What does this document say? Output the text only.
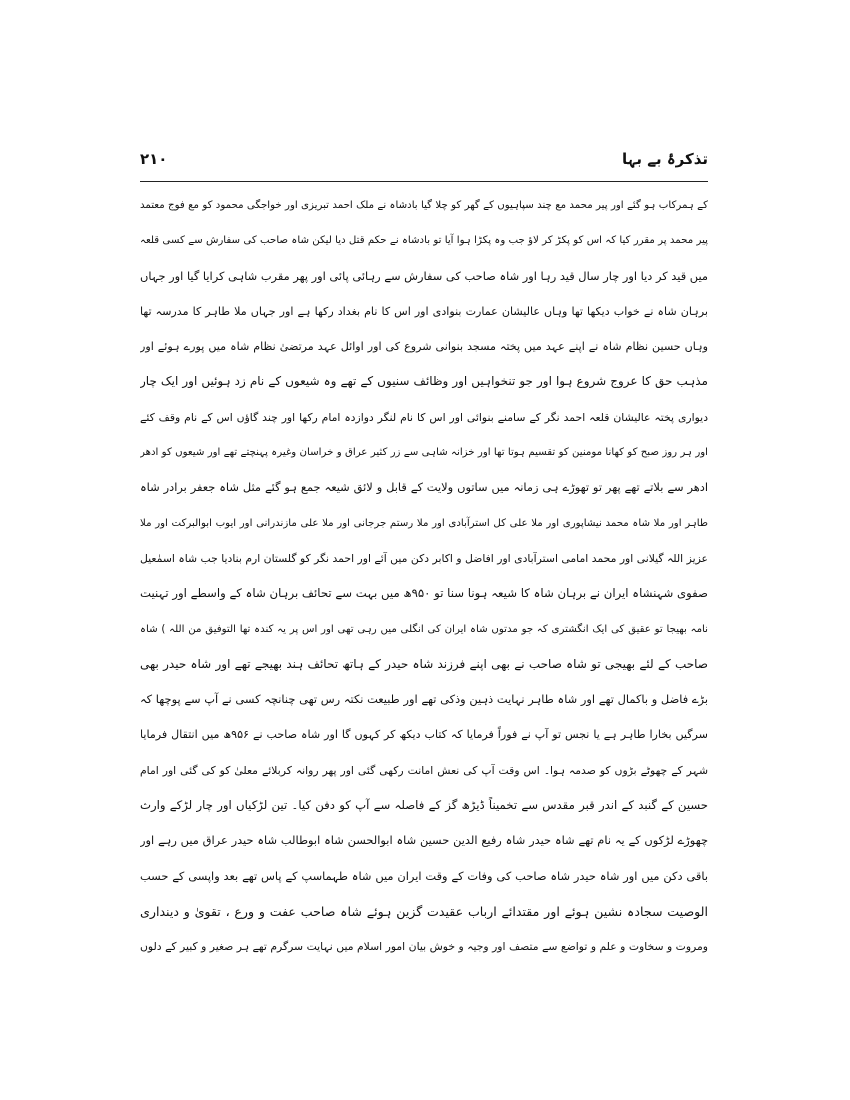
تذکرۂ بے بہا
۲۱۰
کے ہمرکاب ہو گئے اور پیر محمد مع چند سپاہیوں کے گھر کو چلا گیا بادشاہ نے ملک احمد تبریزی اور خواجگی محمود کو مع فوج معتمد
پیر محمد پر مقرر کیا کہ اس کو پکڑ کر لاؤ جب وہ پکڑا ہوا آیا تو بادشاہ نے حکم قتل دیا لیکن شاہ صاحب کی سفارش سے کسی قلعہ
میں قید کر دیا اور چار سال قید رہا اور شاہ صاحب کی سفارش سے رہائی پائی اور پھر مقرب شاہی کرایا گیا اور جہاں
برہان شاہ نے خواب دیکھا تھا وہاں عالیشان عمارت بنوادی اور اس کا نام بغداد رکھا ہے اور جہاں ملا طاہر کا مدرسہ تھا
وہاں حسین نظام شاہ نے اپنے عہد میں پختہ مسجد بنوانی شروع کی اور اوائل عہد مرتضیٰ نظام شاہ میں پورے ہوئے اور
مذہب حق کا عروج شروع ہوا اور جو تنخواہیں اور وظائف سنیوں کے تھے وہ شیعوں کے نام زد ہوئیں اور ایک چار
دیواری پختہ عالیشان قلعہ احمد نگر کے سامنے بنوائی اور اس کا نام لنگر دوازدہ امام رکھا اور چند گاؤں اس کے نام وقف کئے
اور ہر روز صبح کو کھانا مومنین کو تقسیم ہوتا تھا اور خزانہ شاہی سے زر کثیر عراق و خراسان وغیرہ پہنچتے تھے اور شیعوں کو ادھر
ادھر سے بلاتے تھے پھر تو تھوڑے ہی زمانہ میں ساتوں ولایت کے قابل و لائق شیعہ جمع ہو گئے مثل شاہ جعفر برادر شاہ
طاہر اور ملا شاہ محمد نیشاپوری اور ملا علی کل استرآبادی اور ملا رستم جرجانی اور ملا علی مازندرانی اور ایوب ابوالبرکت اور ملا
عزیز اللہ گیلانی اور محمد امامی استرآبادی اور افاضل و اکابر دکن میں آئے اور احمد نگر کو گلستان ارم بنادیا جب شاہ اسمٰعیل
صفوی شہنشاہ ایران نے برہان شاہ کا شیعہ ہونا سنا تو ۹۵۰ھ میں بہت سے تحائف برہان شاہ کے واسطے اور تہنیت
نامہ بھیجا تو عقیق کی ایک انگشتری کہ جو مدتوں شاہ ایران کی انگلی میں رہی تھی اور اس پر یہ کندہ تھا التوفیق من اللہ ) شاہ
صاحب کے لئے بھیجی تو شاہ صاحب نے بھی اپنے فرزند شاہ حیدر کے ہاتھ تحائف ہند بھیجے تھے اور شاہ حیدر بھی
بڑے فاضل و باکمال تھے اور شاہ طاہر نہایت ذہین وذکی تھے اور طبیعت نکتہ رس تھی چنانچہ کسی نے آپ سے پوچھا کہ
سرگیں بخارا طاہر ہے یا نجس تو آپ نے فوراً فرمایا کہ کتاب دیکھ کر کہوں گا اور شاہ صاحب نے ۹۵۶ھ میں انتقال فرمایا
شہر کے چھوٹے بڑوں کو صدمہ ہوا۔ اس وقت آپ کی نعش امانت رکھی گئی اور پھر روانہ کربلائے معلیٰ کو کی گئی اور امام
حسین کے گنبد کے اندر قبر مقدس سے تخمیناً ڈیڑھ گز کے فاصلہ سے آپ کو دفن کیا۔ تین لڑکیاں اور چار لڑکے وارث
چھوڑے لڑکوں کے یہ نام تھے شاہ حیدر شاہ رفیع الدین حسین شاہ ابوالحسن شاہ ابوطالب شاہ حیدر عراق میں رہے اور
باقی دکن میں اور شاہ حیدر شاہ صاحب کی وفات کے وقت ایران میں شاہ طہماسپ کے پاس تھے بعد واپسی کے حسب
الوصیت سجادہ نشین ہوئے اور مقتدائے ارباب عقیدت گزین ہوئے شاہ صاحب عفت و ورع ، تقویٰ و دینداری
ومروت و سخاوت و علم و تواضع سے متصف اور وجیہ و خوش بیان امور اسلام میں نہایت سرگرم تھے ہر صغیر و کبیر کے دلوں
